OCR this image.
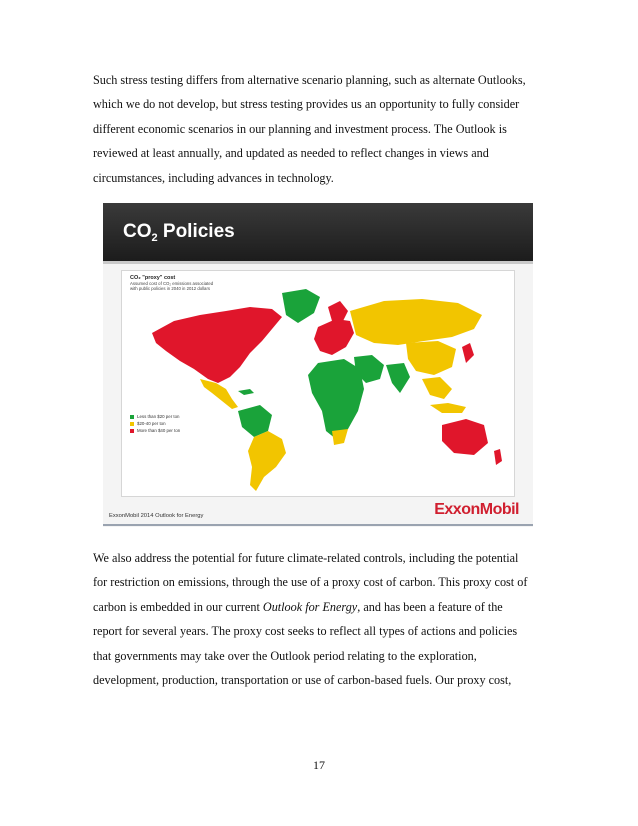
Such stress testing differs from alternative scenario planning, such as alternate Outlooks,
which we do not develop, but stress testing provides us an opportunity to fully consider
different economic scenarios in our planning and investment process. The Outlook is
reviewed at least annually, and updated as needed to reflect changes in views and
circumstances, including advances in technology.
$CO_2$ Policies
CO₂ "proxy" cost
Assumed cost of CO₂ emissions associated with public policies in 2040 in 2012 dollars
Less than $20 per ton
$20-40 per ton
More than $40 per ton
ExxonMobil 2014 Outlook for Energy	ExxonMobil
We also address the potential for future climate-related controls, including the potential
for restriction on emissions, through the use of a proxy cost of carbon. This proxy cost of
carbon is embedded in our current Outlook for Energy, and has been a feature of the
report for several years. The proxy cost seeks to reflect all types of actions and policies
that governments may take over the Outlook period relating to the exploration,
development, production, transportation or use of carbon-based fuels. Our proxy cost,
17
